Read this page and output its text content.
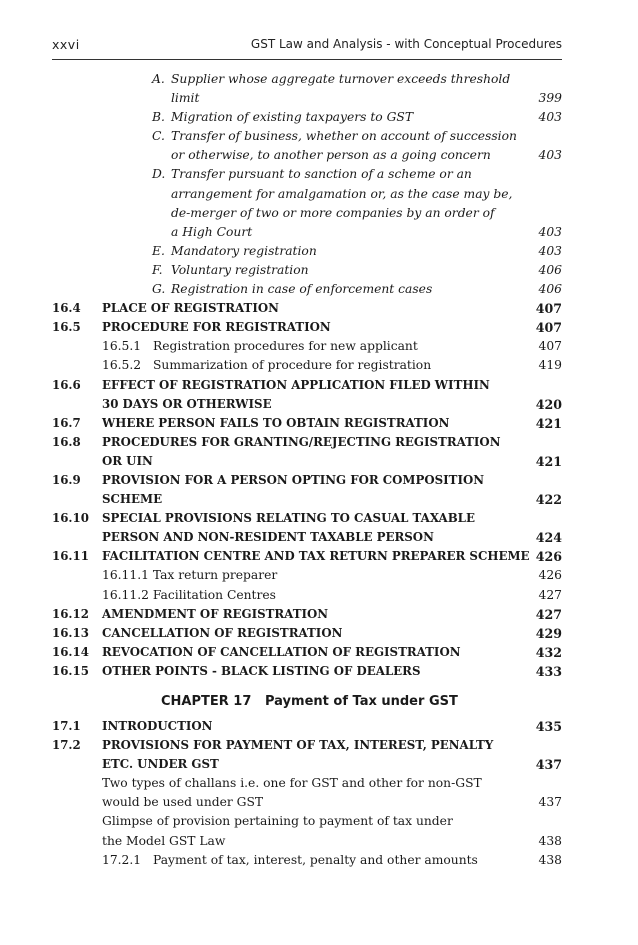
xxvi	GST Law and Analysis - with Conceptual Procedures
A. Supplier whose aggregate turnover exceeds threshold
limit	399
B. Migration of existing taxpayers to GST	403
C. Transfer of business, whether on account of succession
or otherwise, to another person as a going concern	403
D. Transfer pursuant to sanction of a scheme or an
arrangement for amalgamation or, as the case may be,
de-merger of two or more companies by an order of
a High Court	403
E. Mandatory registration	403
F. Voluntary registration	406
G. Registration in case of enforcement cases	406
16.4 PLACE OF REGISTRATION	407
16.5 PROCEDURE FOR REGISTRATION	407
16.5.1 Registration procedures for new applicant	407
16.5.2 Summarization of procedure for registration	419
16.6 EFFECT OF REGISTRATION APPLICATION FILED WITHIN
30 DAYS OR OTHERWISE	420
16.7 WHERE PERSON FAILS TO OBTAIN REGISTRATION	421
16.8 PROCEDURES FOR GRANTING/REJECTING REGISTRATION
OR UIN	421
16.9 PROVISION FOR A PERSON OPTING FOR COMPOSITION
SCHEME	422
16.10 SPECIAL PROVISIONS RELATING TO CASUAL TAXABLE
PERSON AND NON-RESIDENT TAXABLE PERSON	424
16.11 FACILITATION CENTRE AND TAX RETURN PREPARER SCHEME 426
16.11.1 Tax return preparer	426
16.11.2 Facilitation Centres	427
16.12 AMENDMENT OF REGISTRATION	427
16.13 CANCELLATION OF REGISTRATION	429
16.14 REVOCATION OF CANCELLATION OF REGISTRATION	432
16.15 OTHER POINTS - BLACK LISTING OF DEALERS	433
CHAPTER 17 Payment of Tax under GST
17.1 INTRODUCTION	435
17.2 PROVISIONS FOR PAYMENT OF TAX, INTEREST, PENALTY
ETC. UNDER GST	437
Two types of challans i.e. one for GST and other for non-GST
would be used under GST	437
Glimpse of provision pertaining to payment of tax under
the Model GST Law	438
17.2.1 Payment of tax, interest, penalty and other amounts	438
